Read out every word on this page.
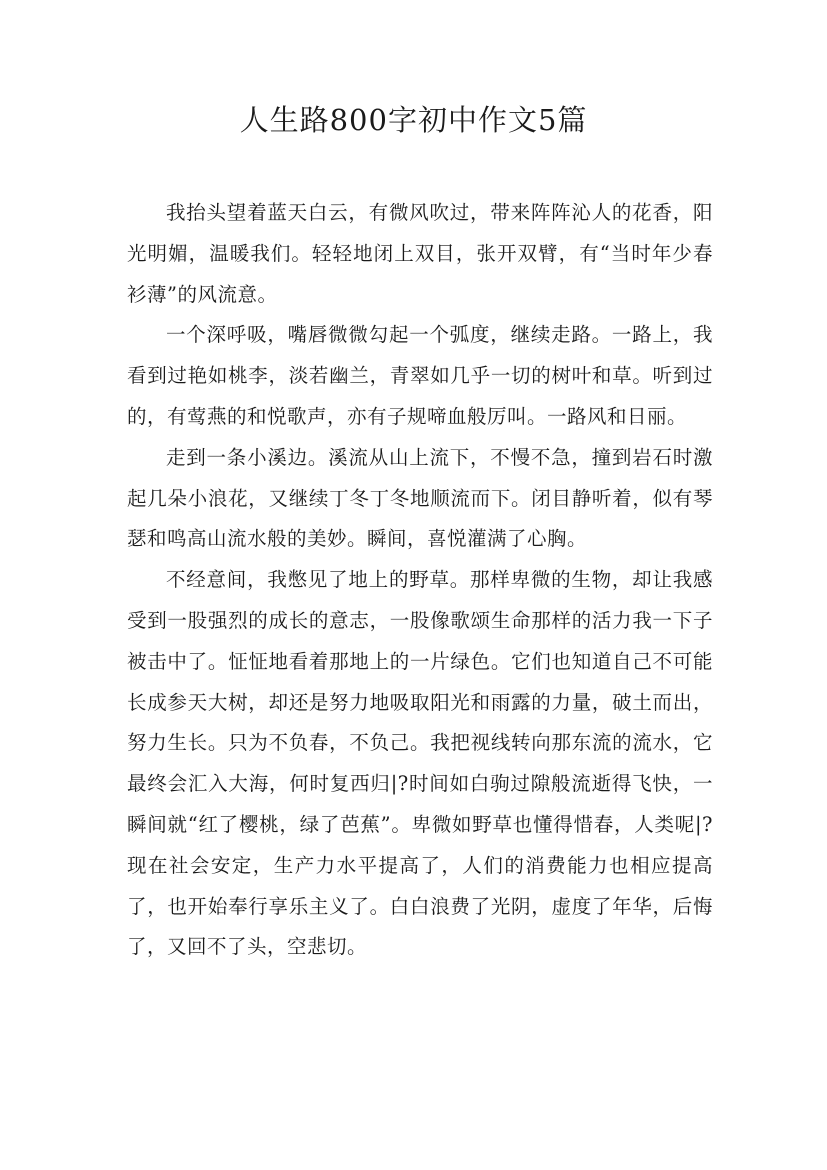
人生路800字初中作文5篇

我抬头望着蓝天白云，有微风吹过，带来阵阵沁人的花香，阳光明媚，温暖我们。轻轻地闭上双目，张开双臂，有“当时年少春衫薄”的风流意。

一个深呼吸，嘴唇微微勾起一个弧度，继续走路。一路上，我看到过艳如桃李，淡若幽兰，青翠如几乎一切的树叶和草。听到过的，有莺燕的和悦歌声，亦有子规啼血般厉叫。一路风和日丽。

走到一条小溪边。溪流从山上流下，不慢不急，撞到岩石时激起几朵小浪花，又继续丁冬丁冬地顺流而下。闭目静听着，似有琴瑟和鸣高山流水般的美妙。瞬间，喜悦灌满了心胸。

不经意间，我憋见了地上的野草。那样卑微的生物，却让我感受到一股强烈的成长的意志，一股像歌颂生命那样的活力我一下子被击中了。怔怔地看着那地上的一片绿色。它们也知道自己不可能长成参天大树，却还是努力地吸取阳光和雨露的力量，破土而出，努力生长。只为不负春，不负己。我把视线转向那东流的流水，它最终会汇入大海，何时复西归|?时间如白驹过隙般流逝得飞快，一瞬间就“红了樱桃，绿了芭蕉”。卑微如野草也懂得惜春，人类呢|?现在社会安定，生产力水平提高了，人们的消费能力也相应提高了，也开始奉行享乐主义了。白白浪费了光阴，虚度了年华，后悔了，又回不了头，空悲切。
